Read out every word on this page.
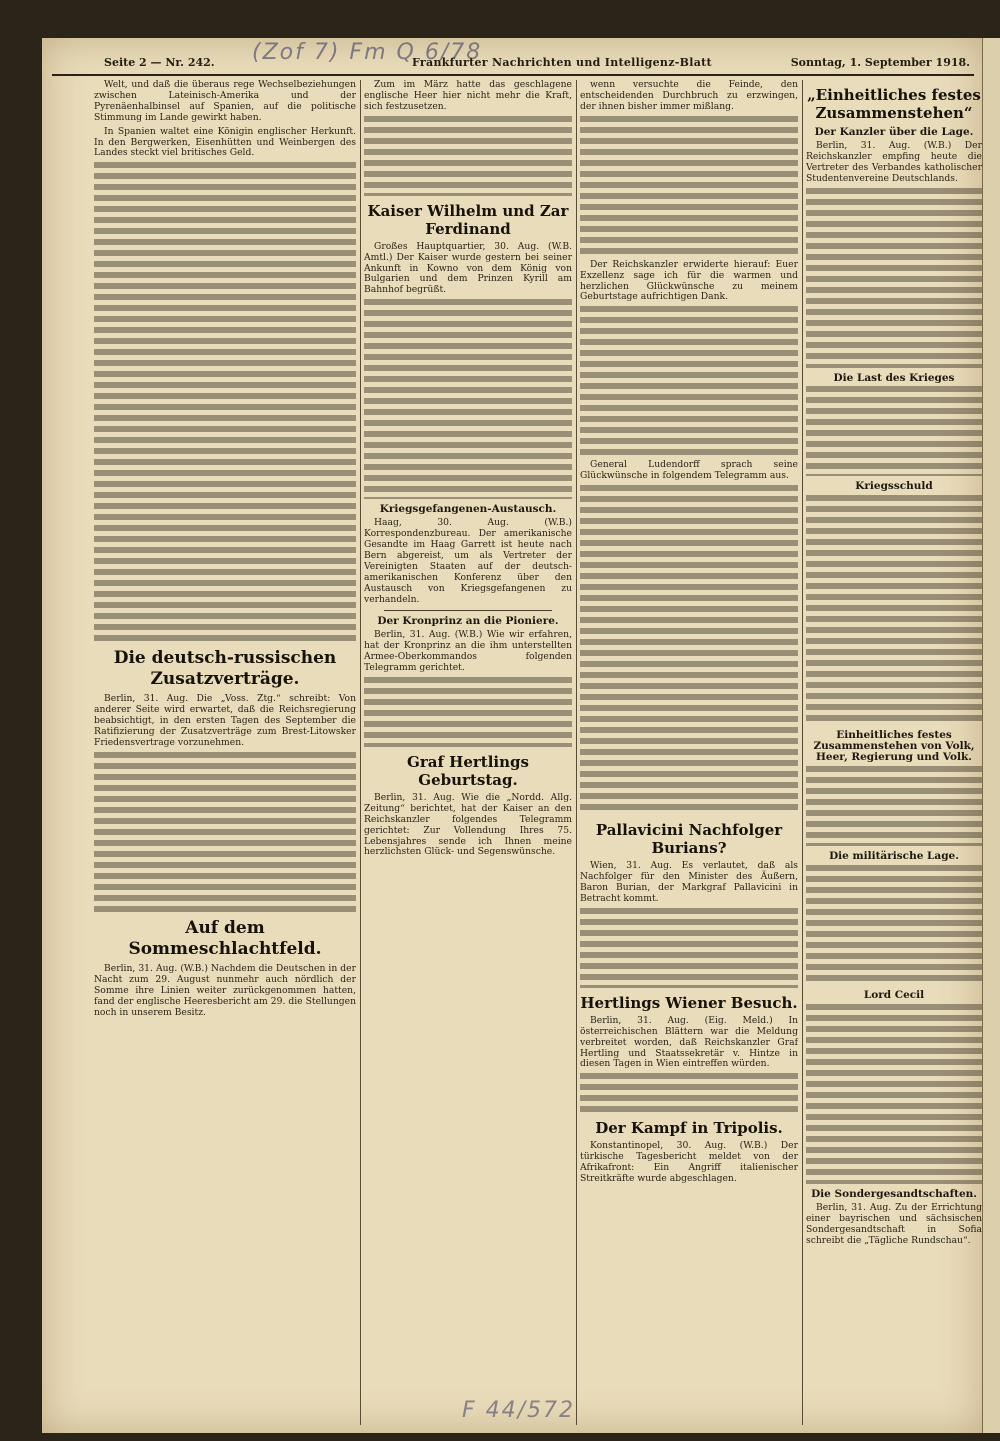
(Zof 7) Fm Q 6/78
Seite 2 — Nr. 242.	Frankfurter Nachrichten und Intelligenz-Blatt	Sonntag, 1. September 1918.

Welt, und daß die überaus rege Wechselbeziehungen zwischen Lateinisch-Amerika und der Pyrenäenhalbinsel auf Spanien, auf die politische Stimmung im Lande gewirkt haben.

In Spanien waltet eine Königin englischer Herkunft. In den Bergwerken, Eisenhütten und Weinbergen des Landes steckt viel britisches Geld.

Die deutsch-russischen Zusatzverträge.

Berlin, 31. Aug. Die „Voss. Ztg.“ schreibt: Von anderer Seite wird erwartet, daß die Reichsregierung beabsichtigt, in den ersten Tagen des September die Ratifizierung der Zusatzverträge zum Brest-Litowsker Friedensvertrage vorzunehmen.

Auf dem Sommeschlachtfeld.

Berlin, 31. Aug. (W.B.) Nachdem die Deutschen in der Nacht zum 29. August nunmehr auch nördlich der Somme ihre Linien weiter zurückgenommen hatten, fand der englische Heeresbericht am 29. die Stellungen noch in unserem Besitz.

Zum im März hatte das geschlagene englische Heer hier nicht mehr die Kraft, sich festzusetzen.

Kaiser Wilhelm und Zar Ferdinand

Großes Hauptquartier, 30. Aug. (W.B. Amtl.) Der Kaiser wurde gestern bei seiner Ankunft in Kowno von dem König von Bulgarien und dem Prinzen Kyrill am Bahnhof begrüßt.

Kriegsgefangenen-Austausch.

Haag, 30. Aug. (W.B.) Korrespondenzbureau. Der amerikanische Gesandte im Haag Garrett ist heute nach Bern abgereist, um als Vertreter der Vereinigten Staaten auf der deutsch-amerikanischen Konferenz über den Austausch von Kriegsgefangenen zu verhandeln.

Der Kronprinz an die Pioniere.

Berlin, 31. Aug. (W.B.) Wie wir erfahren, hat der Kronprinz an die ihm unterstellten Armee-Oberkommandos folgenden Telegramm gerichtet.

Graf Hertlings Geburtstag.

Berlin, 31. Aug. Wie die „Nordd. Allg. Zeitung“ berichtet, hat der Kaiser an den Reichskanzler folgendes Telegramm gerichtet: Zur Vollendung Ihres 75. Lebensjahres sende ich Ihnen meine herzlichsten Glück- und Segenswünsche.

wenn versuchte die Feinde, den entscheidenden Durchbruch zu erzwingen, der ihnen bisher immer mißlang.

Der Reichskanzler erwiderte hierauf: Euer Exzellenz sage ich für die warmen und herzlichen Glückwünsche zu meinem Geburtstage aufrichtigen Dank.

General Ludendorff sprach seine Glückwünsche in folgendem Telegramm aus.

Pallavicini Nachfolger Burians?

Wien, 31. Aug. Es verlautet, daß als Nachfolger für den Minister des Äußern, Baron Burian, der Markgraf Pallavicini in Betracht kommt.

Hertlings Wiener Besuch.

Berlin, 31. Aug. (Eig. Meld.) In österreichischen Blättern war die Meldung verbreitet worden, daß Reichskanzler Graf Hertling und Staatssekretär v. Hintze in diesen Tagen in Wien eintreffen würden.

Der Kampf in Tripolis.

Konstantinopel, 30. Aug. (W.B.) Der türkische Tagesbericht meldet von der Afrikafront: Ein Angriff italienischer Streitkräfte wurde abgeschlagen.

„Einheitliches festes Zusammenstehen“
Der Kanzler über die Lage.

Berlin, 31. Aug. (W.B.) Der Reichskanzler empfing heute die Vertreter des Verbandes katholischer Studentenvereine Deutschlands.

Die Last des Krieges
Kriegsschuld
Einheitliches festes Zusammenstehen von Volk, Heer, Regierung und Volk.
Die militärische Lage.
Lord Cecil
Die Sondergesandtschaften.

Berlin, 31. Aug. Zu der Errichtung einer bayrischen und sächsischen Sondergesandtschaft in Sofia schreibt die „Tägliche Rundschau“.

F 44/572
